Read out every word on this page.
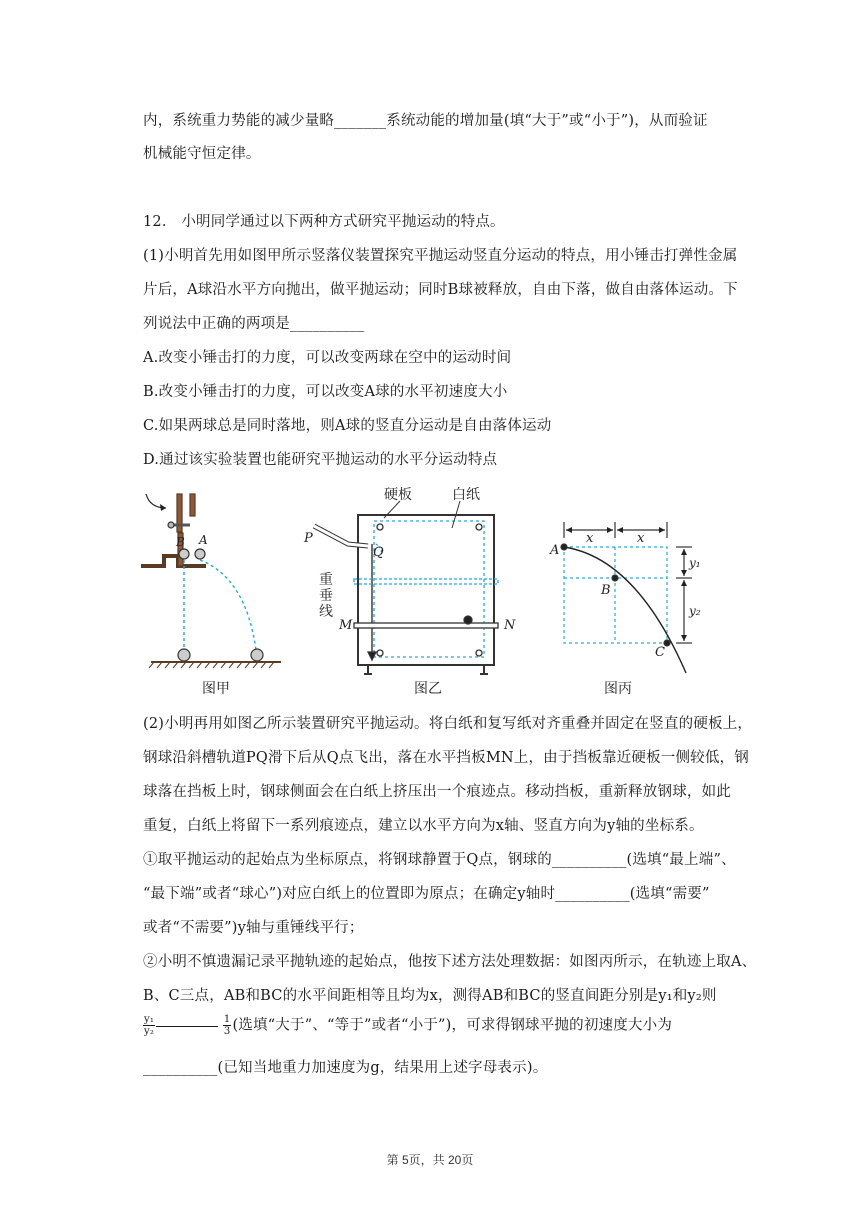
内，系统重力势能的减少量略_______系统动能的增加量(填“大于”或“小于”)，从而验证
机械能守恒定律。
12.　小明同学通过以下两种方式研究平抛运动的特点。
(1)小明首先用如图甲所示竖落仪装置探究平抛运动竖直分运动的特点，用小锤击打弹性金属
片后，A球沿水平方向抛出，做平抛运动；同时B球被释放，自由下落，做自由落体运动。下
列说法中正确的两项是__________
A.改变小锤击打的力度，可以改变两球在空中的运动时间
B.改变小锤击打的力度，可以改变A球的水平初速度大小
C.如果两球总是同时落地，则A球的竖直分运动是自由落体运动
D.通过该实验装置也能研究平抛运动的水平分运动特点
B A
硬板	白纸
P
Q
重
垂
线
M	N
A
B
C
x	x
y₁
y₂
图甲	图乙	图丙
(2)小明再用如图乙所示装置研究平抛运动。将白纸和复写纸对齐重叠并固定在竖直的硬板上，
钢球沿斜槽轨道PQ滑下后从Q点飞出，落在水平挡板MN上，由于挡板靠近硬板一侧较低，钢
球落在挡板上时，钢球侧面会在白纸上挤压出一个痕迹点。移动挡板，重新释放钢球，如此
重复，白纸上将留下一系列痕迹点，建立以水平方向为x轴、竖直方向为y轴的坐标系。
①取平抛运动的起始点为坐标原点，将钢球静置于Q点，钢球的__________(选填“最上端”、
“最下端”或者“球心”)对应白纸上的位置即为原点；在确定y轴时__________(选填“需要”
或者“不需要”)y轴与重锤线平行；
②小明不慎遗漏记录平抛轨迹的起始点，他按下述方法处理数据：如图丙所示，在轨迹上取A、
B、C三点，AB和BC的水平间距相等且均为x，测得AB和BC的竖直间距分别是y₁和y₂则
$\frac{\text{y₁}}{\text{y₂}}$
	$\frac{1}{3}$ (选填“大于”、“等于”或者“小于”)，可求得钢球平抛的初速度大小为
__________(已知当地重力加速度为g，结果用上述字母表示)。
第 5页，共 20页
